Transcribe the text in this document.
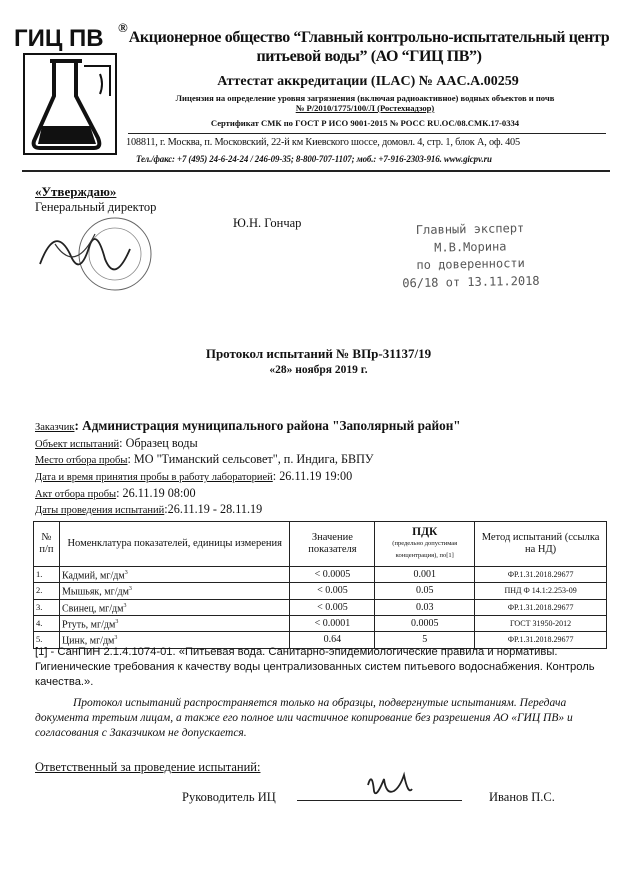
ГИЦ ПВ ®
Акционерное общество “Главный контрольно-испытательный центр питьевой воды” (АО “ГИЦ ПВ”)
Аттестат аккредитации (ILAC) № AAC.A.00259
Лицензия на определение уровня загрязнения (включая радиоактивное) водных объектов и почв
№ Р/2010/1775/100/Л (Ростехнадзор)
Сертификат СМК по ГОСТ Р ИСО 9001-2015 № РОСС RU.ОС/08.СМК.17-0334
108811, г. Москва, п. Московский, 22-й км Киевского шоссе, домовл. 4, стр. 1, блок А, оф. 405
Тел./факс: +7 (495) 24-6-24-24 / 246-09-35; 8-800-707-1107; моб.: +7-916-2303-916. www.gicpv.ru
«Утверждаю»
Генеральный директор
Ю.Н. Гончар	Главный эксперт
М.В.Морина
по доверенности
06/18 от 13.11.2018
Протокол испытаний № ВПр-31137/19
«28» ноября 2019 г.
Заказчик: Администрация муниципального района "Заполярный район"
Объект испытаний: Образец воды
Место отбора пробы: МО "Тиманский сельсовет", п. Индига, БВПУ
Дата и время принятия пробы в работу лабораторией: 26.11.19 19:00
Акт отбора пробы: 26.11.19 08:00
Даты проведения испытаний:26.11.19 - 28.11.19
№ п/п	Номенклатура показателей, единицы измерения	Значение показателя	ПДК
(предельно допустимая концентрация), по[1]	Метод испытаний (ссылка на НД)
1.	Кадмий, $мг/дм^3$	< 0.0005	0.001	ФР.1.31.2018.29677
2.	Мышьяк, $мг/дм^3$	< 0.005	0.05	ПНД Ф 14.1:2.253-09
3.	Свинец, $мг/дм^3$	< 0.005	0.03	ФР.1.31.2018.29677
4.	Ртуть, $мг/дм^3$	< 0.0001	0.0005	ГОСТ 31950-2012
5.	Цинк, $мг/дм^3$	0.64	5	ФР.1.31.2018.29677
[1] - СанПиН 2.1.4.1074-01. «Питьевая вода. Санитарно-эпидемиологические правила и нормативы. Гигиенические требования к качеству воды централизованных систем питьевого водоснабжения. Контроль качества.».
Протокол испытаний распространяется только на образцы, подвергнутые испытаниям. Передача документа третьим лицам, а также его полное или частичное копирование без разрешения АО «ГИЦ ПВ» и согласования с Заказчиком не допускается.
Ответственный за проведение испытаний:
Руководитель ИЦ	Иванов П.С.
